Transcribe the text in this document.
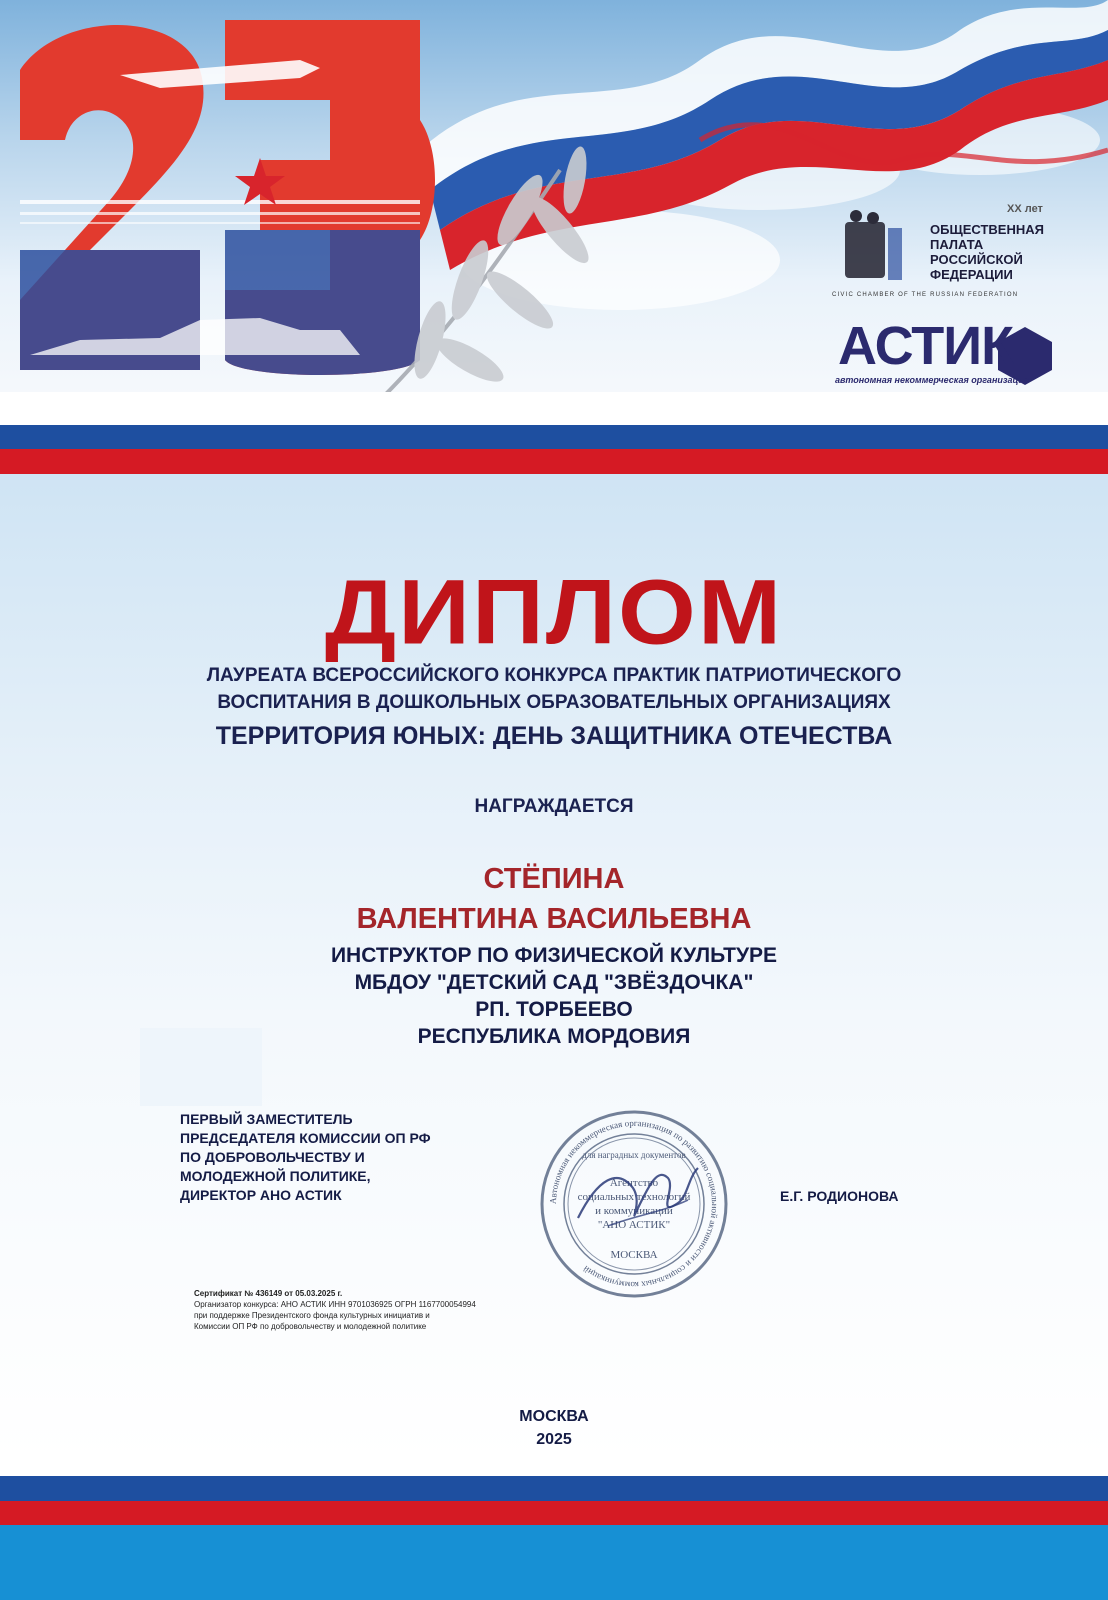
XX лет
ОБЩЕСТВЕННАЯ
ПАЛАТА
РОССИЙСКОЙ
ФЕДЕРАЦИИ
CIVIC CHAMBER OF THE RUSSIAN FEDERATION
АСТИК
автономная некоммерческая организация
ДИПЛОМ
ЛАУРЕАТА ВСЕРОССИЙСКОГО КОНКУРСА ПРАКТИК ПАТРИОТИЧЕСКОГО
ВОСПИТАНИЯ В ДОШКОЛЬНЫХ ОБРАЗОВАТЕЛЬНЫХ ОРГАНИЗАЦИЯХ
ТЕРРИТОРИЯ ЮНЫХ: ДЕНЬ ЗАЩИТНИКА ОТЕЧЕСТВА
НАГРАЖДАЕТСЯ
СТЁПИНА
ВАЛЕНТИНА ВАСИЛЬЕВНА
ИНСТРУКТОР ПО ФИЗИЧЕСКОЙ КУЛЬТУРЕ
МБДОУ "ДЕТСКИЙ САД "ЗВЁЗДОЧКА"
РП. ТОРБЕЕВО
РЕСПУБЛИКА МОРДОВИЯ
ПЕРВЫЙ ЗАМЕСТИТЕЛЬ
ПРЕДСЕДАТЕЛЯ КОМИССИИ ОП РФ
ПО ДОБРОВОЛЬЧЕСТВУ И
МОЛОДЕЖНОЙ ПОЛИТИКЕ,
ДИРЕКТОР АНО АСТИК	Автономная некоммерческая организация по развитию социальной активности и социальных коммуникаций
для наградных документов
Агентство
социальных технологий
и коммуникаций
"АНО АСТИК"
МОСКВА
Е.Г. РОДИОНОВА
Сертификат № 436149 от 05.03.2025 г.
Организатор конкурса: АНО АСТИК ИНН 9701036925 ОГРН 1167700054994
при поддержке Президентского фонда культурных инициатив и
Комиссии ОП РФ по добровольчеству и молодежной политике
МОСКВА
2025
